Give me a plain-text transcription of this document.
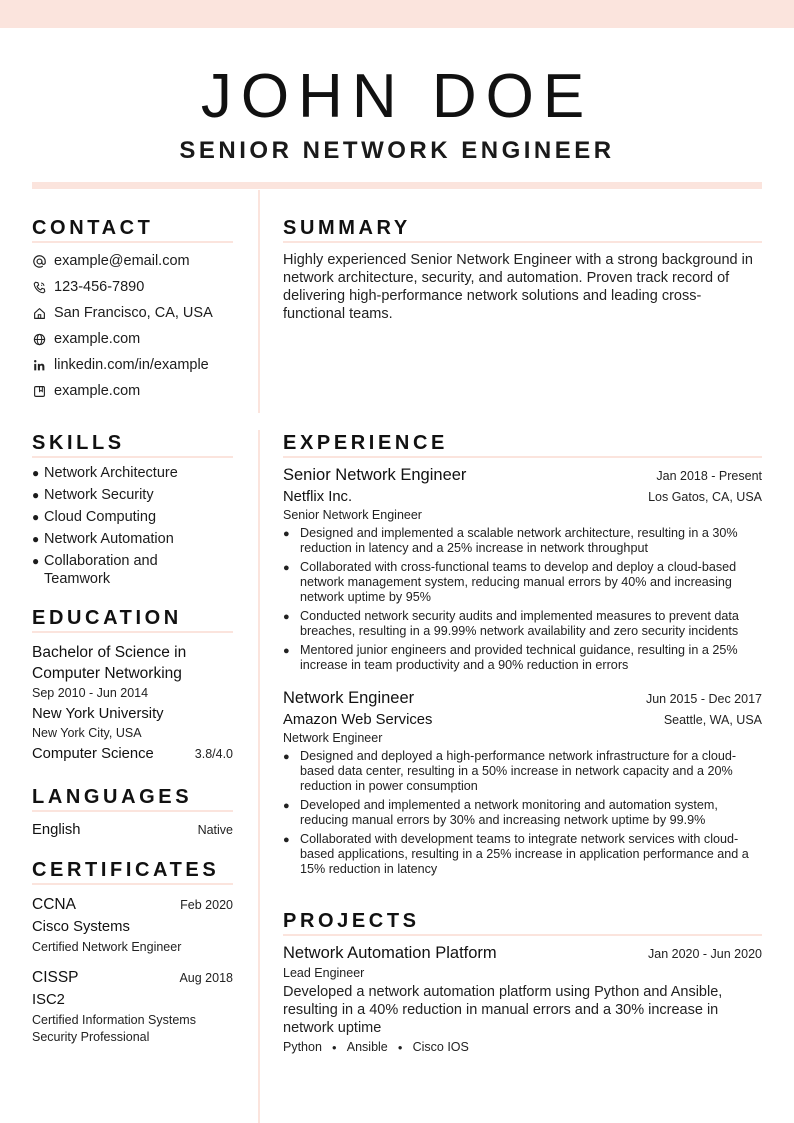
JOHN DOE
SENIOR NETWORK ENGINEER
CONTACT
example@email.com
123-456-7890
San Francisco, CA, USA
example.com
linkedin.com/in/example
example.com
SKILLS
● Network Architecture
● Network Security
● Cloud Computing
● Network Automation
● Collaboration and Teamwork
EDUCATION
Bachelor of Science in Computer Networking
Sep 2010 - Jun 2014
New York University
New York City, USA
Computer Science	3.8/4.0
LANGUAGES
English	Native
CERTIFICATES
CCNA	Feb 2020
Cisco Systems
Certified Network Engineer
CISSP	Aug 2018
ISC2
Certified Information Systems Security Professional
SUMMARY
Highly experienced Senior Network Engineer with a strong background in network architecture, security, and automation. Proven track record of delivering high-performance network solutions and leading cross-functional teams.
EXPERIENCE
Senior Network Engineer	Jan 2018 - Present
Netflix Inc.	Los Gatos, CA, USA
Senior Network Engineer
● Designed and implemented a scalable network architecture, resulting in a 30% reduction in latency and a 25% increase in network throughput
● Collaborated with cross-functional teams to develop and deploy a cloud-based network management system, reducing manual errors by 40% and increasing network uptime by 95%
● Conducted network security audits and implemented measures to prevent data breaches, resulting in a 99.99% network availability and zero security incidents
● Mentored junior engineers and provided technical guidance, resulting in a 25% increase in team productivity and a 90% reduction in errors
Network Engineer	Jun 2015 - Dec 2017
Amazon Web Services	Seattle, WA, USA
Network Engineer
● Designed and deployed a high-performance network infrastructure for a cloud-based data center, resulting in a 50% increase in network capacity and a 20% reduction in power consumption
● Developed and implemented a network monitoring and automation system, reducing manual errors by 30% and increasing network uptime by 99.9%
● Collaborated with development teams to integrate network services with cloud-based applications, resulting in a 25% increase in application performance and a 15% reduction in latency
PROJECTS
Network Automation Platform	Jan 2020 - Jun 2020
Lead Engineer
Developed a network automation platform using Python and Ansible, resulting in a 40% reduction in manual errors and a 30% increase in network uptime
Python ● Ansible ● Cisco IOS
